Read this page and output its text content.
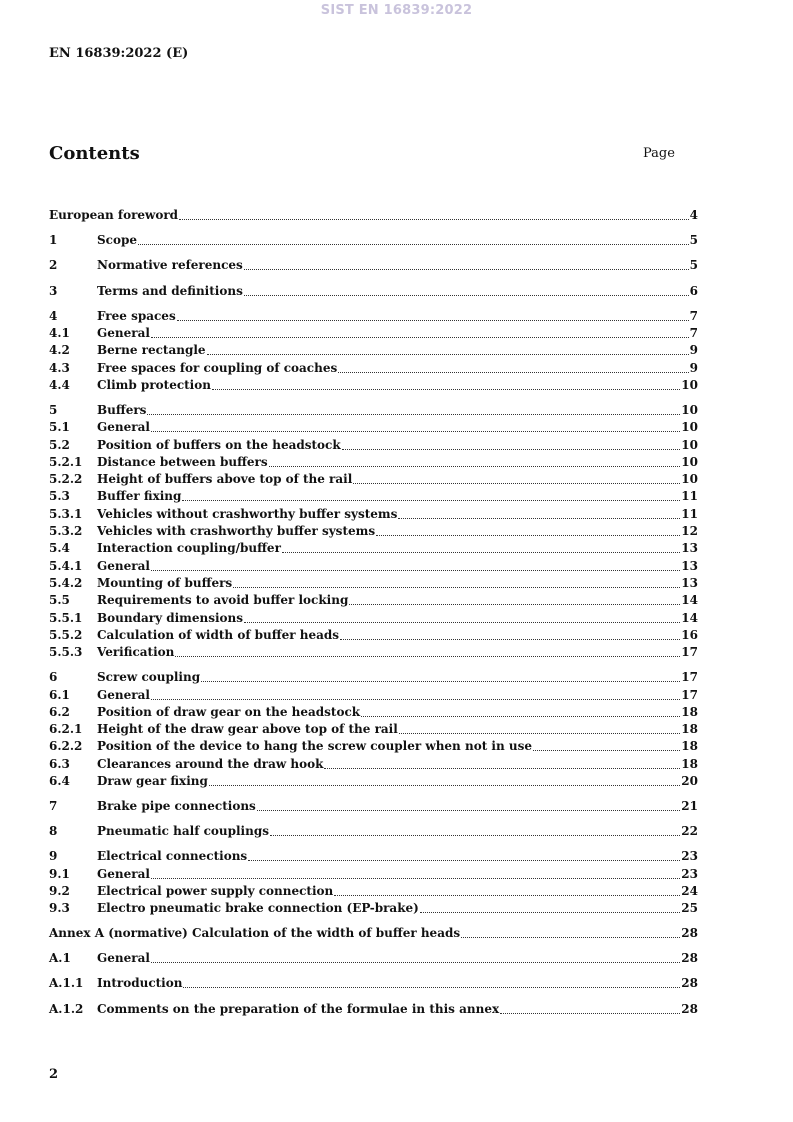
SIST EN 16839:2022
EN 16839:2022 (E)
Contents	Page
European foreword	4
1	Scope	5
2	Normative references	5
3	Terms and definitions	6
4	Free spaces	7
4.1	General	7
4.2	Berne rectangle	9
4.3	Free spaces for coupling of coaches	9
4.4	Climb protection	10
5	Buffers	10
5.1	General	10
5.2	Position of buffers on the headstock	10
5.2.1	Distance between buffers	10
5.2.2	Height of buffers above top of the rail	10
5.3	Buffer fixing	11
5.3.1	Vehicles without crashworthy buffer systems	11
5.3.2	Vehicles with crashworthy buffer systems	12
5.4	Interaction coupling/buffer	13
5.4.1	General	13
5.4.2	Mounting of buffers	13
5.5	Requirements to avoid buffer locking	14
5.5.1	Boundary dimensions	14
5.5.2	Calculation of width of buffer heads	16
5.5.3	Verification	17
6	Screw coupling	17
6.1	General	17
6.2	Position of draw gear on the headstock	18
6.2.1	Height of the draw gear above top of the rail	18
6.2.2	Position of the device to hang the screw coupler when not in use	18
6.3	Clearances around the draw hook	18
6.4	Draw gear fixing	20
7	Brake pipe connections	21
8	Pneumatic half couplings	22
9	Electrical connections	23
9.1	General	23
9.2	Electrical power supply connection	24
9.3	Electro pneumatic brake connection (EP-brake)	25
Annex A (normative) Calculation of the width of buffer heads	28
A.1	General	28
A.1.1	Introduction	28
A.1.2	Comments on the preparation of the formulae in this annex	28
2
